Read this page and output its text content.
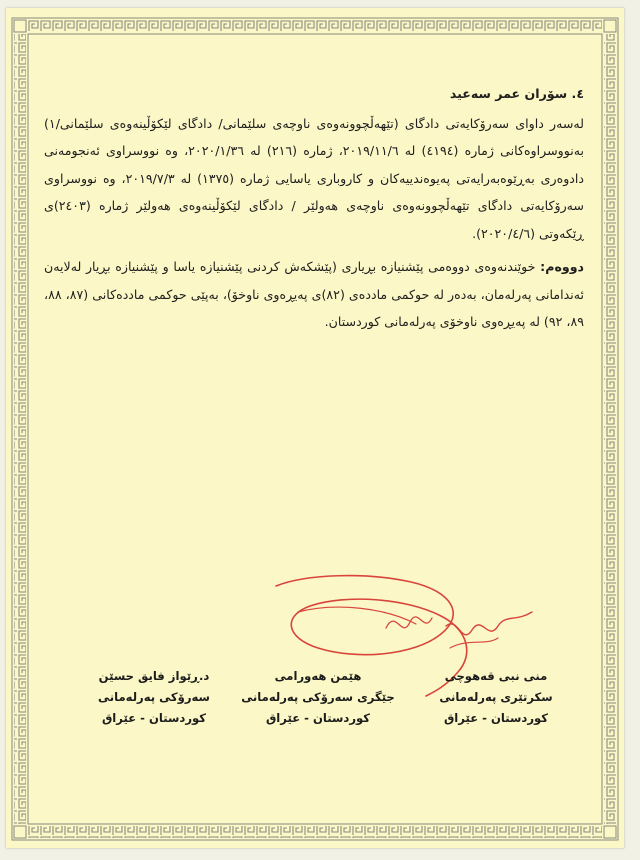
٤. سۆران عمر سەعید

لەسەر داوای سەرۆکایەتی دادگای (تێهەڵچوونەوەی ناوچەی سلێمانی/ دادگای لێکۆڵینەوەی سلێمانی/١) بەنووسراوەکانی ژمارە (٤١٩٤) لە ٢٠١٩/١١/٦، ژمارە (٢١٦) لە ٢٠٢٠/١/٣٦، وە نووسراوی ئەنجومەنی دادوەری بەڕێوەبەرایەتی پەیوەندییەکان و کاروباری یاسایی ژمارە (١٣٧٥) لە ٢٠١٩/٧/٣، وە نووسراوی سەرۆکایەتی دادگای تێهەڵچوونەوەی ناوچەی هەولێر / دادگای لێکۆڵینەوەی هەولێر ژمارە (٢٤٠٣)ی ڕێکەوتی (٢٠٢٠/٤/٦).

دووەم: خوێندنەوەی دووەمی پێشنیازە بڕیاری (پێشکەش کردنی پێشنیازە یاسا و پێشنیازە بڕیار لەلایەن ئەندامانی پەرلەمان، بەدەر لە حوکمی ماددەی (٨٢)ی پەیڕەوی ناوخۆ)، بەپێی حوکمی ماددەکانی (٨٧، ٨٨، ٨٩، ٩٢) لە پەیڕەوی ناوخۆی پەرلەمانی کوردستان.

د.ڕێواز فایق حسێن
سەرۆکی پەرلەمانی
کوردستان - عێراق
هێمن هەورامی
جێگری سەرۆکی پەرلەمانی
کوردستان - عێراق
منى نبی قەهوچی
سکرتێری پەرلەمانی
کوردستان - عێراق
